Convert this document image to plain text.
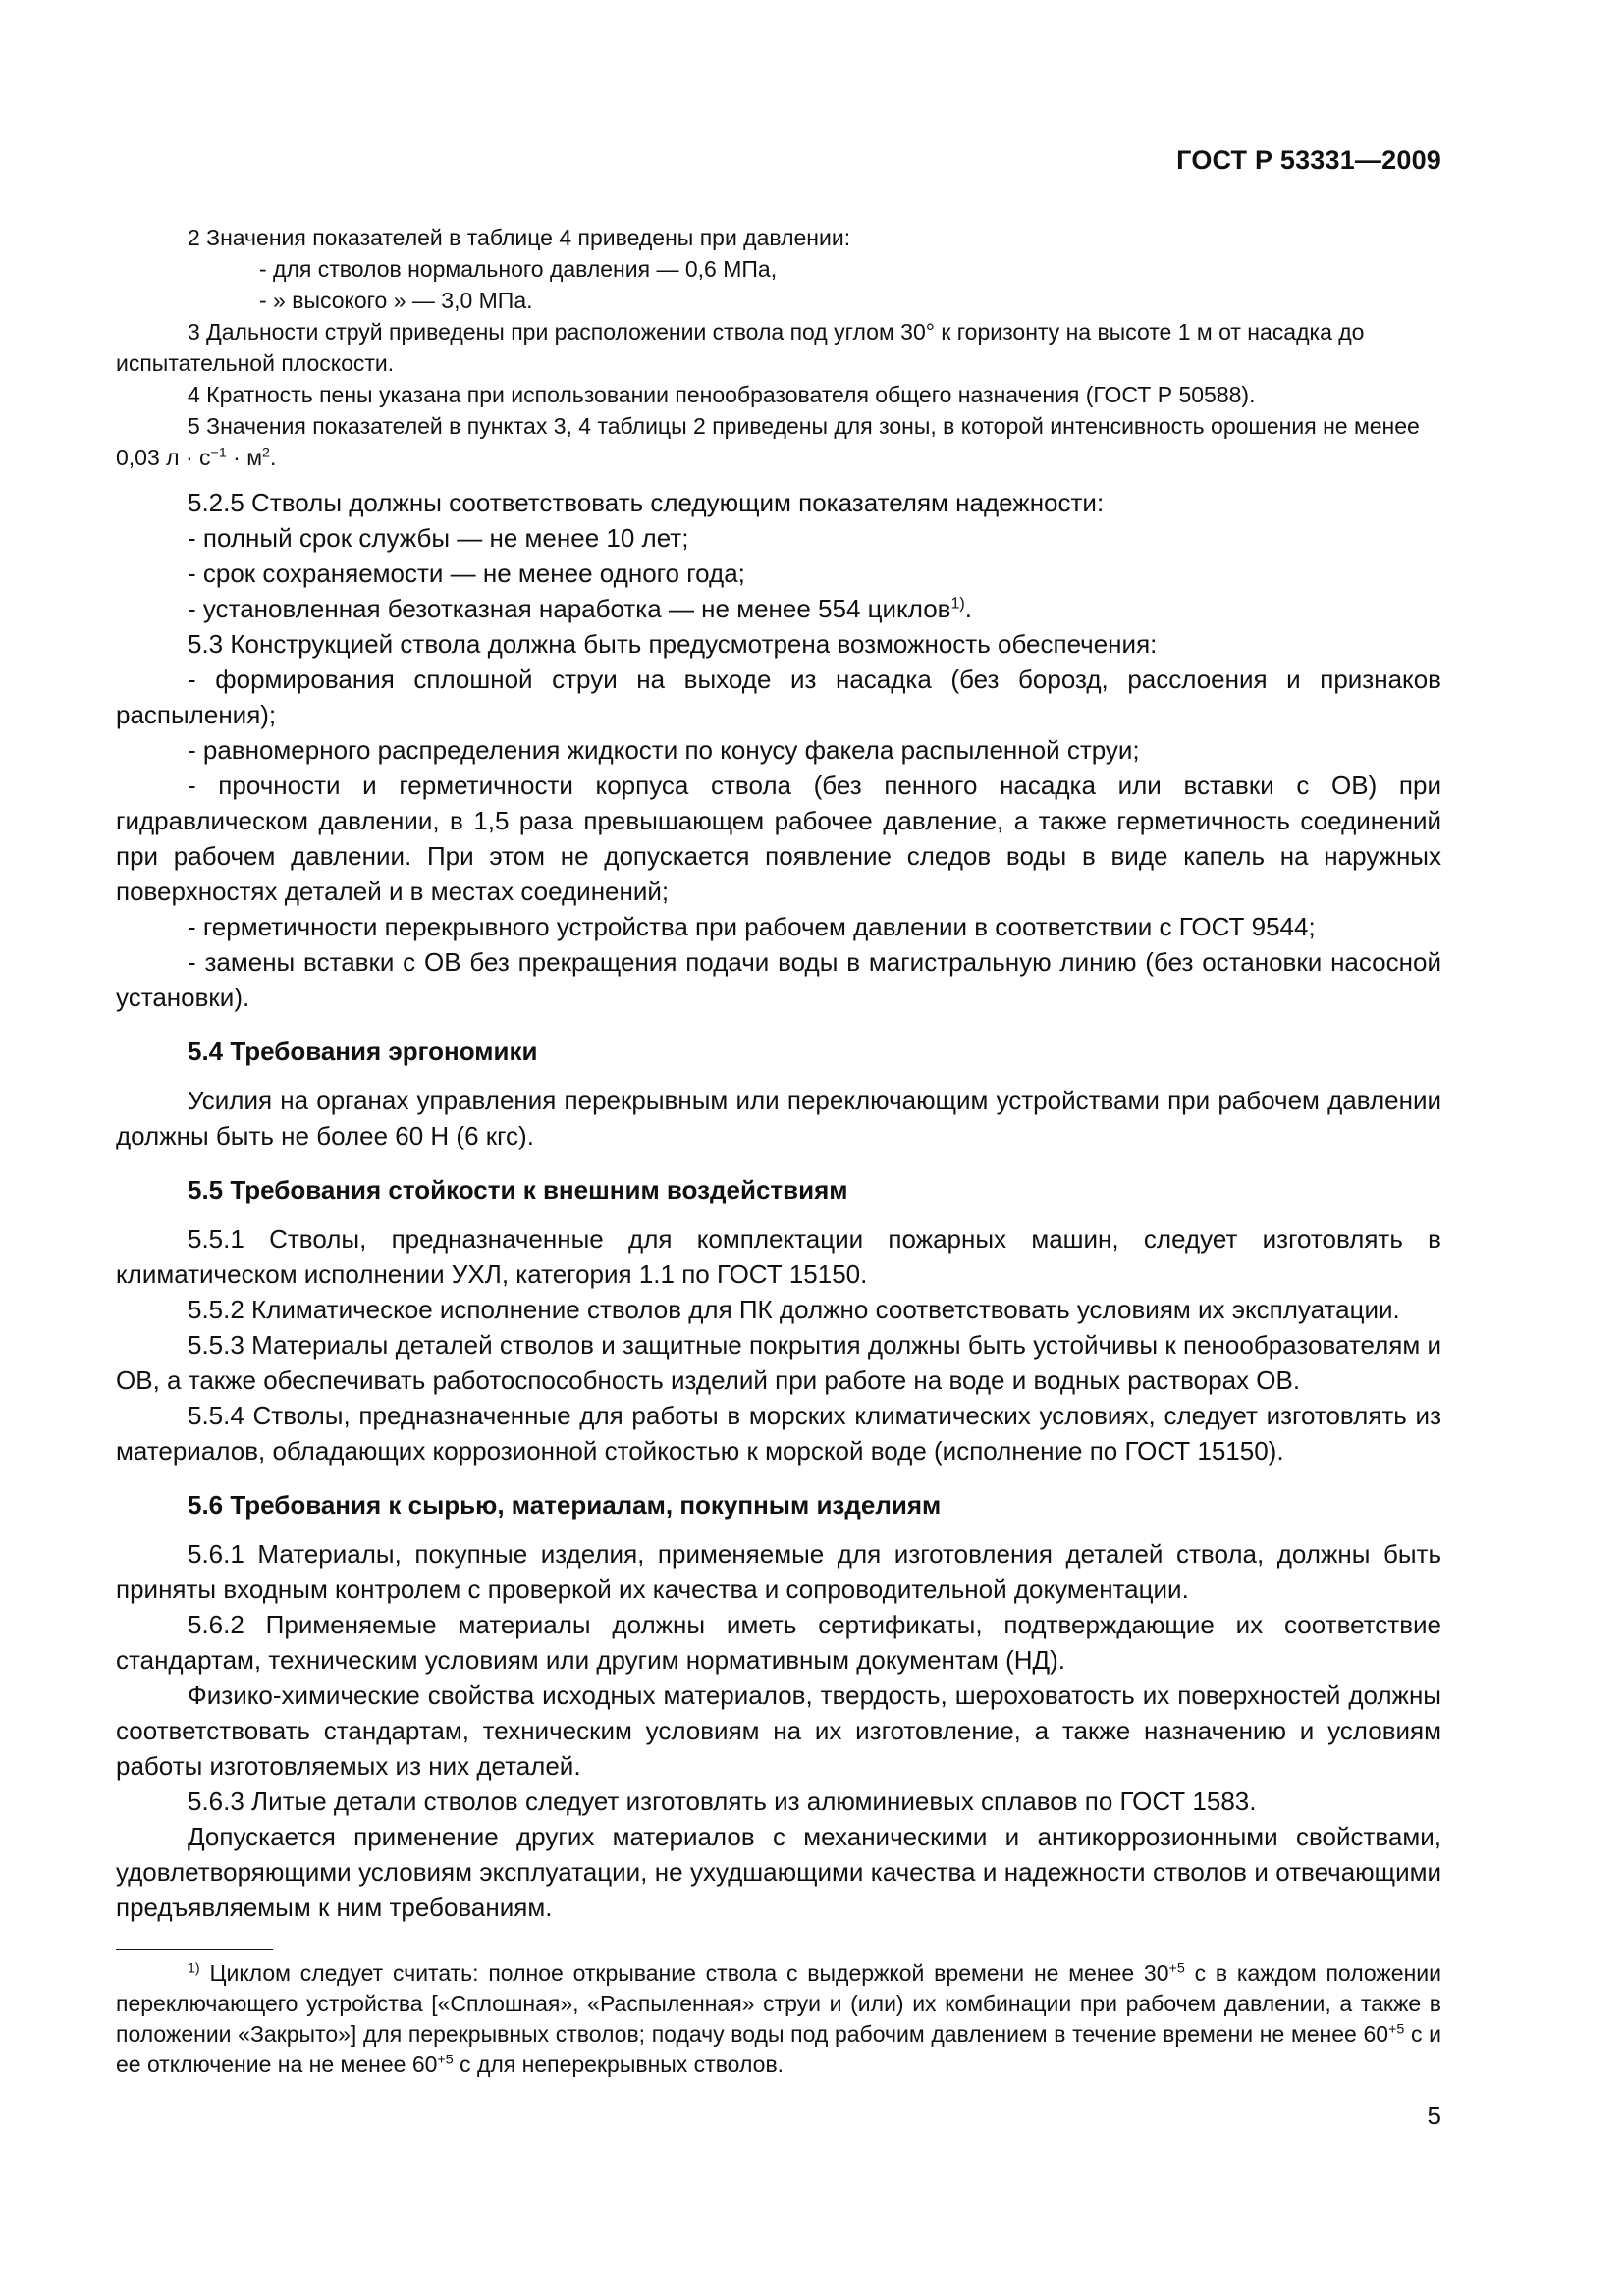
ГОСТ Р 53331—2009

2 Значения показателей в таблице 4 приведены при давлении:

- для стволов нормального давления — 0,6 МПа,

- » высокого » — 3,0 МПа.

3 Дальности струй приведены при расположении ствола под углом 30° к горизонту на высоте 1 м от насадка до испытательной плоскости.

4 Кратность пены указана при использовании пенообразователя общего назначения (ГОСТ Р 50588).

5 Значения показателей в пунктах 3, 4 таблицы 2 приведены для зоны, в которой интенсивность орошения не менее 0,03 $л \cdot с^{-1} \cdot м^2$.

5.2.5 Стволы должны соответствовать следующим показателям надежности:

- полный срок службы — не менее 10 лет;

- срок сохраняемости — не менее одного года;

- установленная безотказная наработка — не менее 554 циклов$^{1)}$.

5.3 Конструкцией ствола должна быть предусмотрена возможность обеспечения:

- формирования сплошной струи на выходе из насадка (без борозд, расслоения и признаков распыления);

- равномерного распределения жидкости по конусу факела распыленной струи;

- прочности и герметичности корпуса ствола (без пенного насадка или вставки с ОВ) при гидравлическом давлении, в 1,5 раза превышающем рабочее давление, а также герметичность соединений при рабочем давлении. При этом не допускается появление следов воды в виде капель на наружных поверхностях деталей и в местах соединений;

- герметичности перекрывного устройства при рабочем давлении в соответствии с ГОСТ 9544;

- замены вставки с ОВ без прекращения подачи воды в магистральную линию (без остановки насосной установки).

5.4 Требования эргономики

Усилия на органах управления перекрывным или переключающим устройствами при рабочем давлении должны быть не более 60 Н (6 кгс).

5.5 Требования стойкости к внешним воздействиям

5.5.1 Стволы, предназначенные для комплектации пожарных машин, следует изготовлять в климатическом исполнении УХЛ, категория 1.1 по ГОСТ 15150.

5.5.2 Климатическое исполнение стволов для ПК должно соответствовать условиям их эксплуатации.

5.5.3 Материалы деталей стволов и защитные покрытия должны быть устойчивы к пенообразователям и ОВ, а также обеспечивать работоспособность изделий при работе на воде и водных растворах ОВ.

5.5.4 Стволы, предназначенные для работы в морских климатических условиях, следует изготовлять из материалов, обладающих коррозионной стойкостью к морской воде (исполнение по ГОСТ 15150).

5.6 Требования к сырью, материалам, покупным изделиям

5.6.1 Материалы, покупные изделия, применяемые для изготовления деталей ствола, должны быть приняты входным контролем с проверкой их качества и сопроводительной документации.

5.6.2 Применяемые материалы должны иметь сертификаты, подтверждающие их соответствие стандартам, техническим условиям или другим нормативным документам (НД).

Физико-химические свойства исходных материалов, твердость, шероховатость их поверхностей должны соответствовать стандартам, техническим условиям на их изготовление, а также назначению и условиям работы изготовляемых из них деталей.

5.6.3 Литые детали стволов следует изготовлять из алюминиевых сплавов по ГОСТ 1583.

Допускается применение других материалов с механическими и антикоррозионными свойствами, удовлетворяющими условиям эксплуатации, не ухудшающими качества и надежности стволов и отвечающими предъявляемым к ним требованиям.

$^{1)}$ Циклом следует считать: полное открывание ствола с выдержкой времени не менее $30^{+5}$ с в каждом положении переключающего устройства [«Сплошная», «Распыленная» струи и (или) их комбинации при рабочем давлении, а также в положении «Закрыто»] для перекрывных стволов; подачу воды под рабочим давлением в течение времени не менее $60^{+5}$ с и ее отключение на не менее $60^{+5}$ с для неперекрывных стволов.

5
